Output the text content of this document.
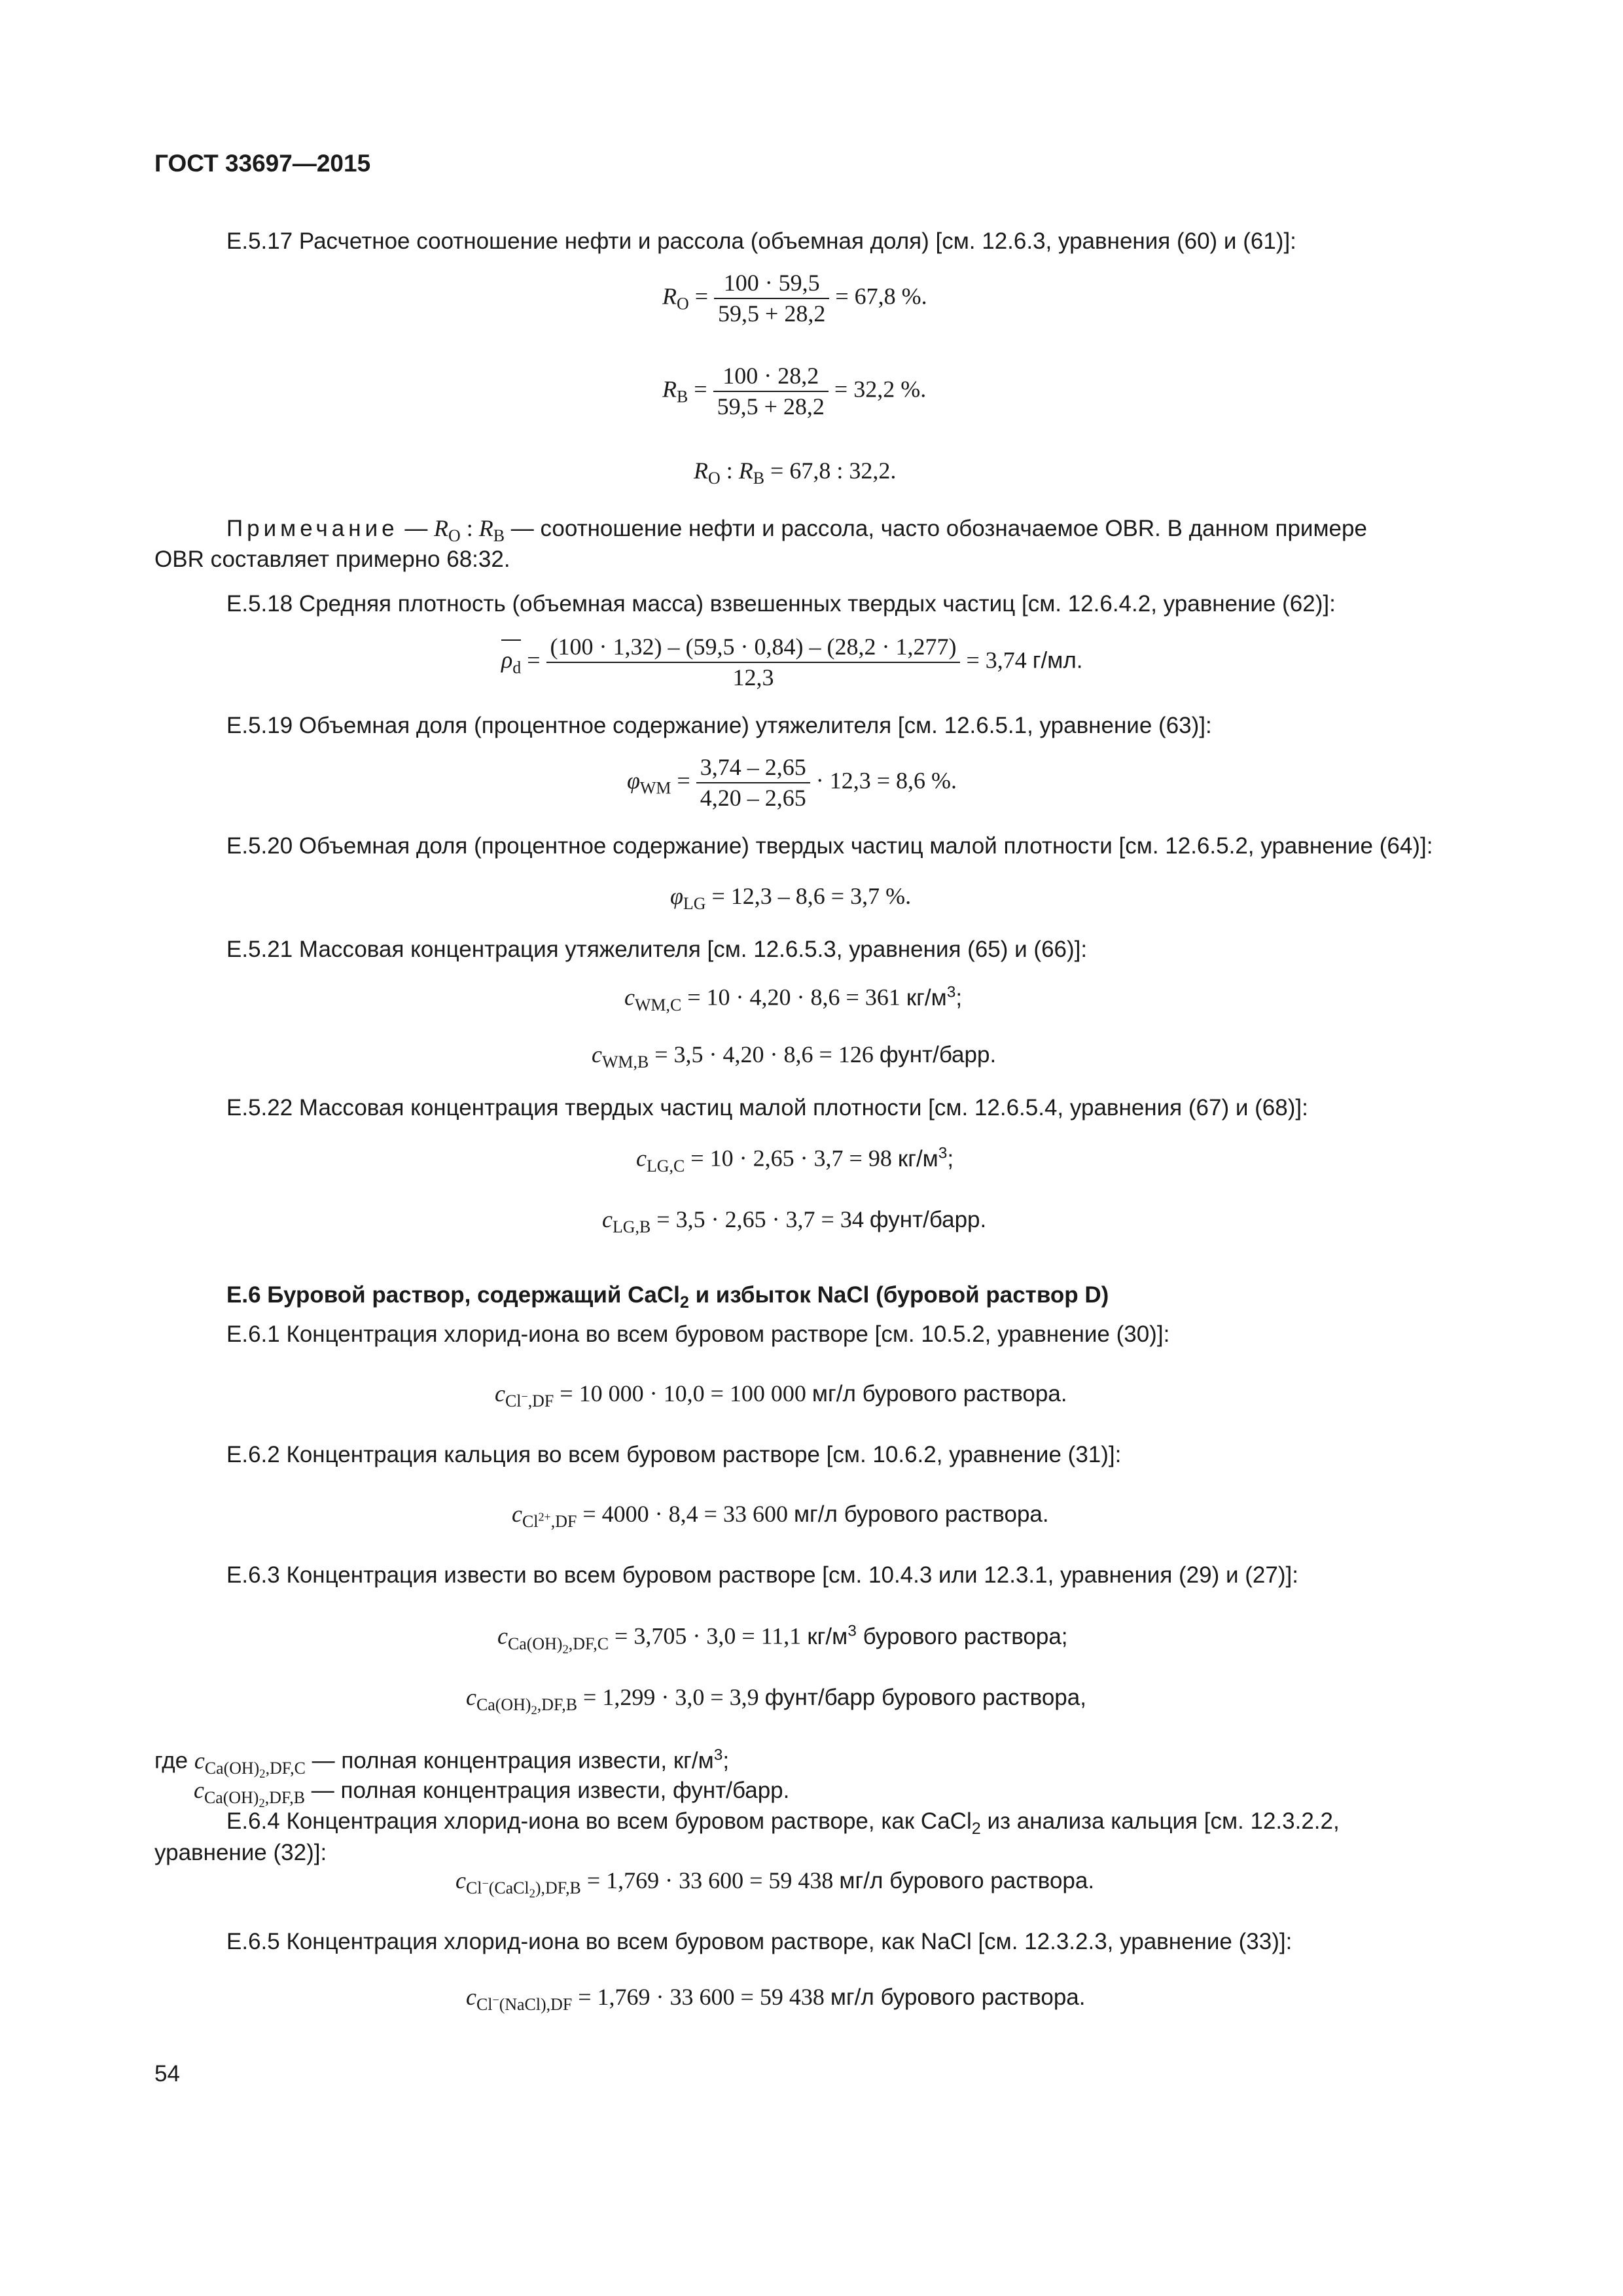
ГОСТ 33697—2015
Е.5.17 Расчетное соотношение нефти и рассола (объемная доля) [см. 12.6.3, уравнения (60) и (61)]:
$R_O = \frac{100 \cdot 59,5}{59,5 + 28,2} = 67,8$ %.
$R_B = \frac{100 \cdot 28,2}{59,5 + 28,2} = 32,2$ %.
$R_O$ : $R_B = 67,8$ : 32,2.
Примечание — $R_O$ : $R_B$ — соотношение нефти и рассола, часто обозначаемое OBR. В данном примере
OBR составляет примерно 68:32.
Е.5.18 Средняя плотность (объемная масса) взвешенных твердых частиц [см. 12.6.4.2, уравнение (62)]:
$\rho_d = \frac{(100 \cdot 1,32) - (59,5 \cdot 0,84) - (28,2 \cdot 1,277)}{12,3} = 3,74$ г/мл.
Е.5.19 Объемная доля (процентное содержание) утяжелителя [см. 12.6.5.1, уравнение (63)]:
$\varphi_{WM} = \frac{3,74 - 2,65}{4,20 - 2,65} \cdot 12,3 = 8,6$ %.
Е.5.20 Объемная доля (процентное содержание) твердых частиц малой плотности [см. 12.6.5.2, уравнение (64)]:
$\varphi_{LG} = 12,3 - 8,6 = 3,7$ %.
Е.5.21 Массовая концентрация утяжелителя [см. 12.6.5.3, уравнения (65) и (66)]:
$c_{WM,C} = 10 \cdot 4,20 \cdot 8,6 = 361$ $кг/м^3$;
$c_{WM,B} = 3,5 \cdot 4,20 \cdot 8,6 = 126$ фунт/барр.
Е.5.22 Массовая концентрация твердых частиц малой плотности [см. 12.6.5.4, уравнения (67) и (68)]:
$c_{LG,C} = 10 \cdot 2,65 \cdot 3,7 = 98$ $кг/м^3$;
$c_{LG,B} = 3,5 \cdot 2,65 \cdot 3,7 = 34$ фунт/барр.
Е.6 Буровой раствор, содержащий CaCl$_2$ и избыток NaCl (буровой раствор D)
Е.6.1 Концентрация хлорид-иона во всем буровом растворе [см. 10.5.2, уравнение (30)]:
$c_{Cl^-,DF} = 10$ 000 · 10,0 = 100 000 мг/л бурового раствора.
Е.6.2 Концентрация кальция во всем буровом растворе [см. 10.6.2, уравнение (31)]:
$c_{Cl^{2+},DF} = 4000 \cdot 8,4 = 33$ 600 мг/л бурового раствора.
Е.6.3 Концентрация извести во всем буровом растворе [см. 10.4.3 или 12.3.1, уравнения (29) и (27)]:
$c_{Ca(OH)_2,DF,C} = 3,705 \cdot 3,0 = 11,1$ $кг/м^3$ бурового раствора;
$c_{Ca(OH)_2,DF,B} = 1,299 \cdot 3,0 = 3,9$ фунт/барр бурового раствора,
где $c_{Ca(OH)_2,DF,C}$ — полная концентрация извести, $кг/м^3$;
$c_{Ca(OH)_2,DF,B}$ — полная концентрация извести, фунт/барр.
Е.6.4 Концентрация хлорид-иона во всем буровом растворе, как CaCl$_2$ из анализа кальция [см. 12.3.2.2,
уравнение (32)]:
$c_{Cl^-(CaCl_2),DF,B} = 1,769 \cdot 33$ 600 = 59 438 мг/л бурового раствора.
Е.6.5 Концентрация хлорид-иона во всем буровом растворе, как NaCl [см. 12.3.2.3, уравнение (33)]:
$c_{Cl^-(NaCl),DF} = 1,769 \cdot 33$ 600 = 59 438 мг/л бурового раствора.
54
